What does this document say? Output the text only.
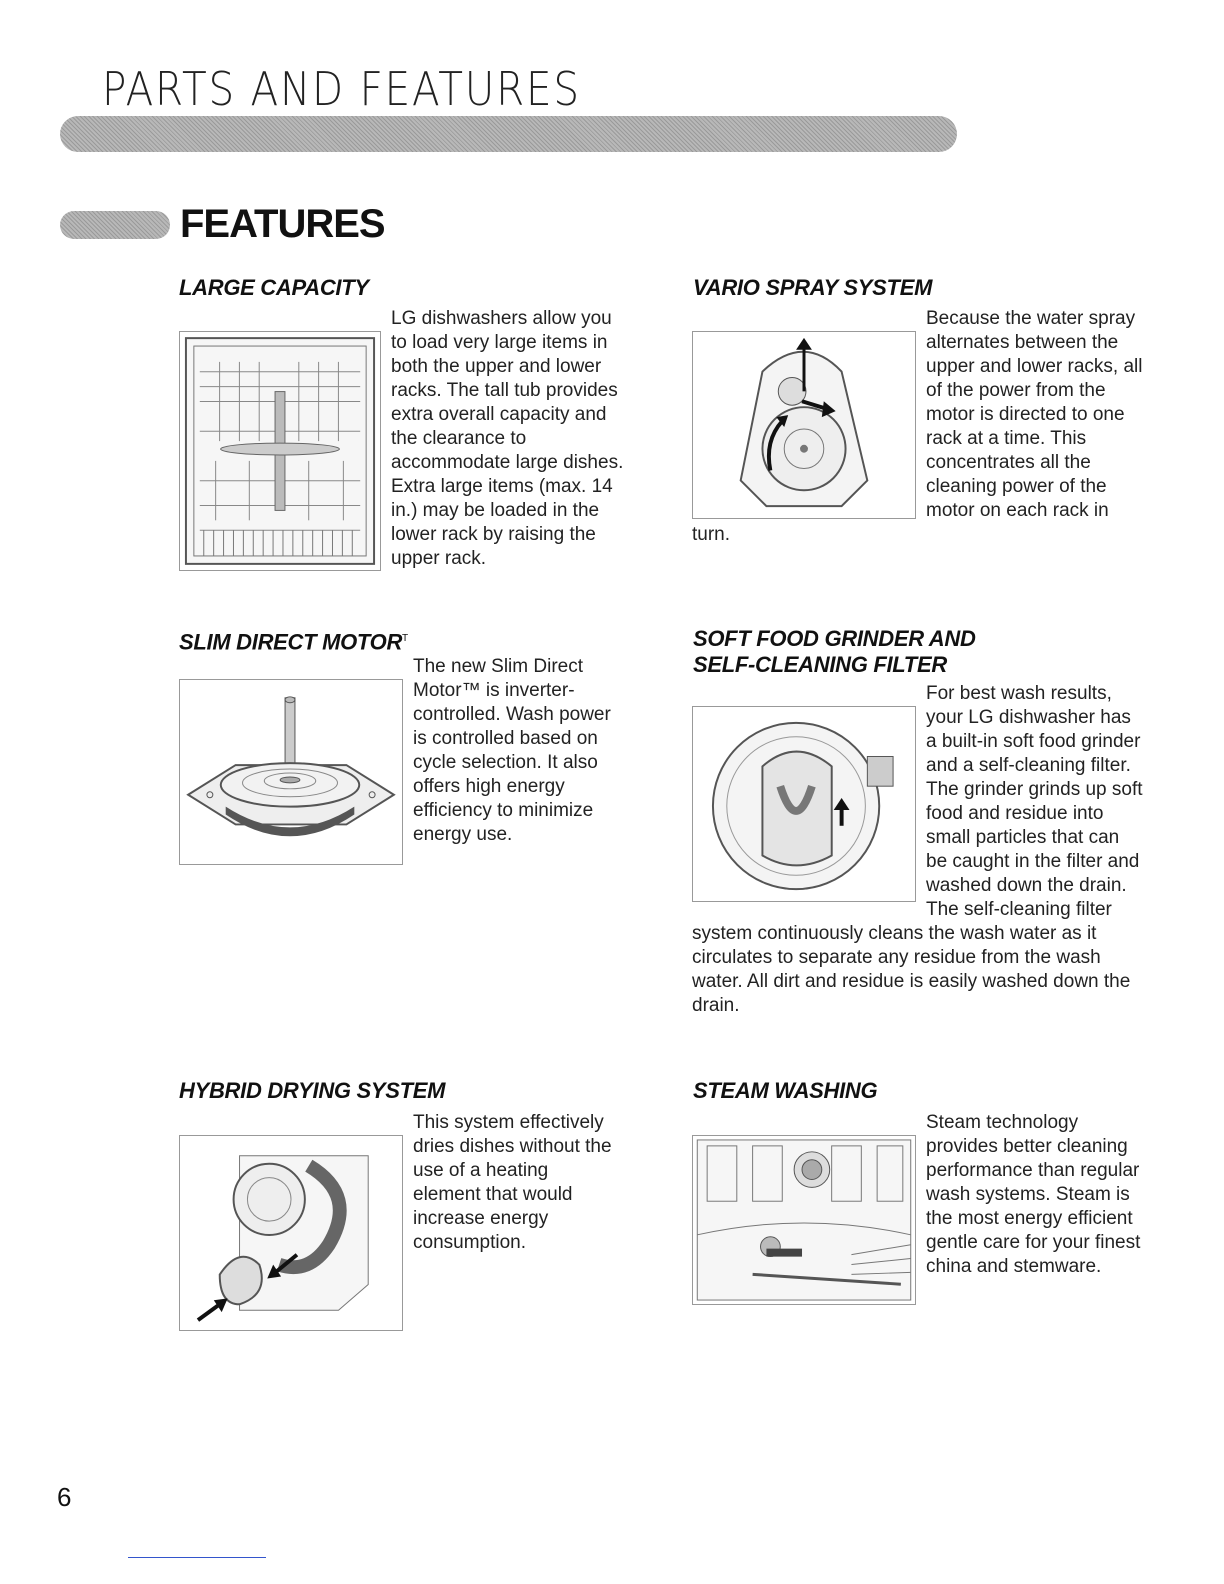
PARTS AND FEATURES
FEATURES
LARGE CAPACITY

LG dishwashers allow you to load very large items in both the upper and lower racks. The tall tub provides extra overall capacity and the clearance to accommodate large dishes. Extra large items (max. 14 in.) may be loaded in the lower rack by raising the upper rack.

VARIO SPRAY SYSTEM

Because the water spray alternates between the upper and lower racks, all of the power from the motor is directed to one rack at a time. This concentrates all the cleaning power of the motor on each rack in turn.

SLIM DIRECT $MOTOR^T$

The new Slim Direct Motor™ is inverter-controlled. Wash power is controlled based on cycle selection. It also offers high energy efficiency to minimize energy use.

SOFT FOOD GRINDER AND
SELF-CLEANING FILTER

For best wash results, your LG dishwasher has a built-in soft food grinder and a self-cleaning filter. The grinder grinds up soft food and residue into small particles that can be caught in the filter and washed down the drain. The self-cleaning filter system continuously cleans the wash water as it circulates to separate any residue from the wash water. All dirt and residue is easily washed down the drain.

HYBRID DRYING SYSTEM

This system effectively dries dishes without the use of a heating element that would increase energy consumption.

STEAM WASHING

Steam technology provides better cleaning performance than regular wash systems. Steam is the most energy efficient gentle care for your finest china and stemware.

6
